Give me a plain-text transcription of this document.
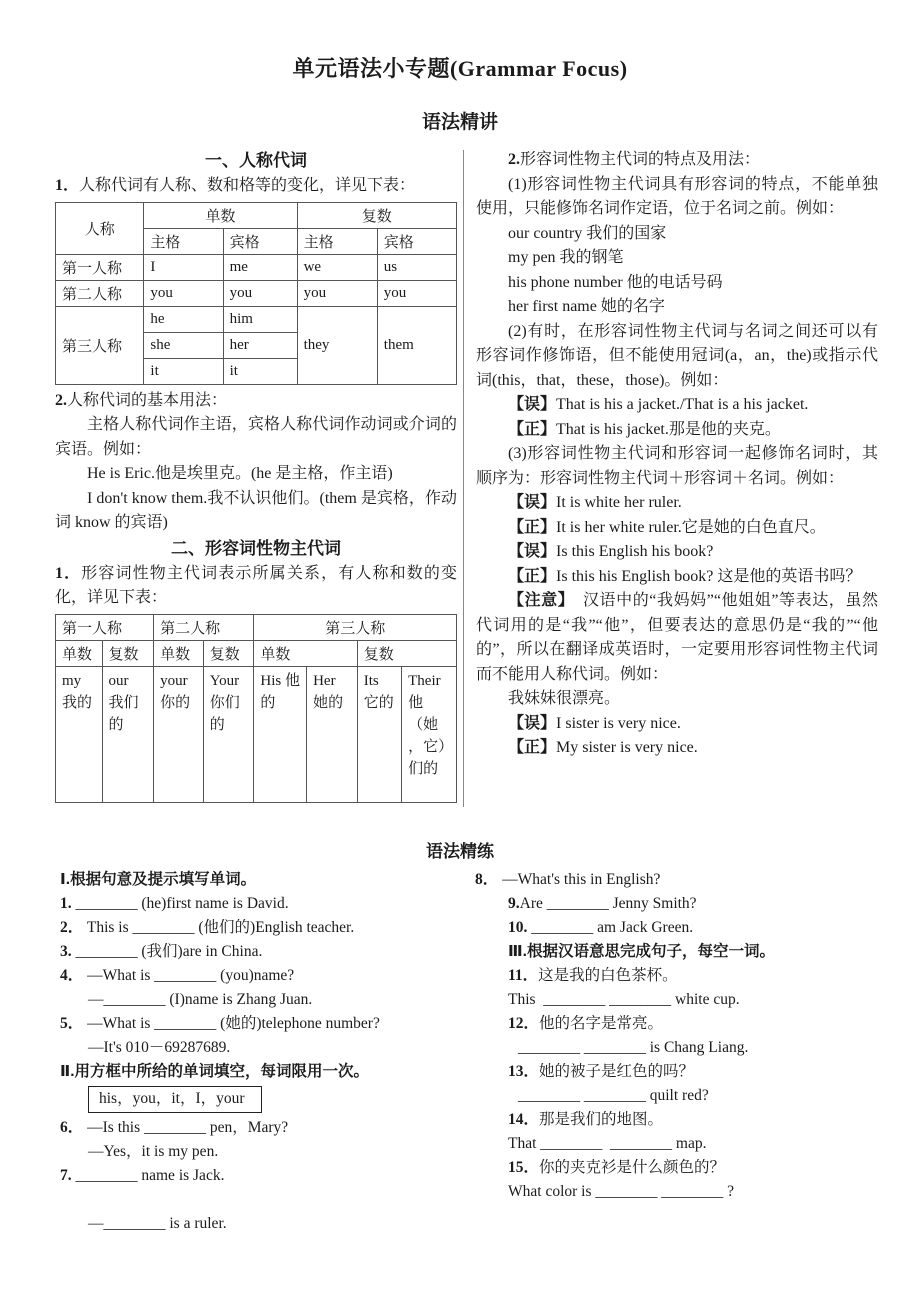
单元语法小专题(Grammar Focus)
语法精讲
一、人称代词
1．人称代词有人称、数和格等的变化，详见下表：
人称	单数		复数	
	主格	宾格	主格	宾格
第一人称	I	me	we	us
第二人称	you	you	you	you
第三人称	he	him	they	them
	she	her		
	it	it		
2.人称代词的基本用法：
主格人称代词作主语，宾格人称代词作动词或介词的宾语。例如：
He is Eric.他是埃里克。(he 是主格，作主语)
I don't know them.我不认识他们。(them 是宾格，作动词 know 的宾语)
二、形容词性物主代词
1．形容词性物主代词表示所属关系，有人称和数的变化，详见下表：
第一人称		第二人称		第三人称			
单数	复数	单数	复数	单数		复数	
my 我的	our 我们的	your 你的	Your 你们的	His 他的	Her 她的	Its 它的	Their 他（她，它）们的
2.形容词性物主代词的特点及用法：
(1)形容词性物主代词具有形容词的特点，不能单独使用，只能修饰名词作定语，位于名词之前。例如：
our country 我们的国家
my pen 我的钢笔
his phone number 他的电话号码
her first name 她的名字
(2)有时，在形容词性物主代词与名词之间还可以有形容词作修饰语，但不能使用冠词(a，an，the)或指示代词(this，that，these，those)。例如：
【误】That is his a jacket./That is a his jacket.
【正】That is his jacket.那是他的夹克。
(3)形容词性物主代词和形容词一起修饰名词时，其顺序为：形容词性物主代词＋形容词＋名词。例如：
【误】It is white her ruler.
【正】It is her white ruler.它是她的白色直尺。
【误】Is this English his book?
【正】Is this his English book? 这是他的英语书吗？
【注意】　汉语中的“我妈妈”“他姐姐”等表达，虽然代词用的是“我”“他”，但要表达的意思仍是“我的”“他的”，所以在翻译成英语时，一定要用形容词性物主代词而不能用人称代词。例如：
我妹妹很漂亮。
【误】I sister is very nice.
【正】My sister is very nice.
语法精练
Ⅰ.根据句意及提示填写单词。
1. ________ (he)first name is David.
2． This is ________ (他们的)English teacher.
3. ________ (我们)are in China.
4． —What is ________ (you)name?
—________ (I)name is Zhang Juan.
5． —What is ________ (她的)telephone number?
—It's 010－69287689.
Ⅱ.用方框中所给的单词填空，每词限用一次。
his，you，it，I，your
6． —Is this ________ pen，Mary?
—Yes，it is my pen.
7. ________ name is Jack.
—________ is a ruler.
8． —What's this in English?
9.Are ________ Jenny Smith?
10. ________ am Jack Green.
Ⅲ.根据汉语意思完成句子，每空一词。
11．这是我的白色茶杯。
This  ________ ________ white cup.
12．他的名字是常亮。
________ ________ is Chang Liang.
13．她的被子是红色的吗？
________ ________ quilt red?
14．那是我们的地图。
That ________  ________ map.
15．你的夹克衫是什么颜色的？
What color is ________ ________ ?
